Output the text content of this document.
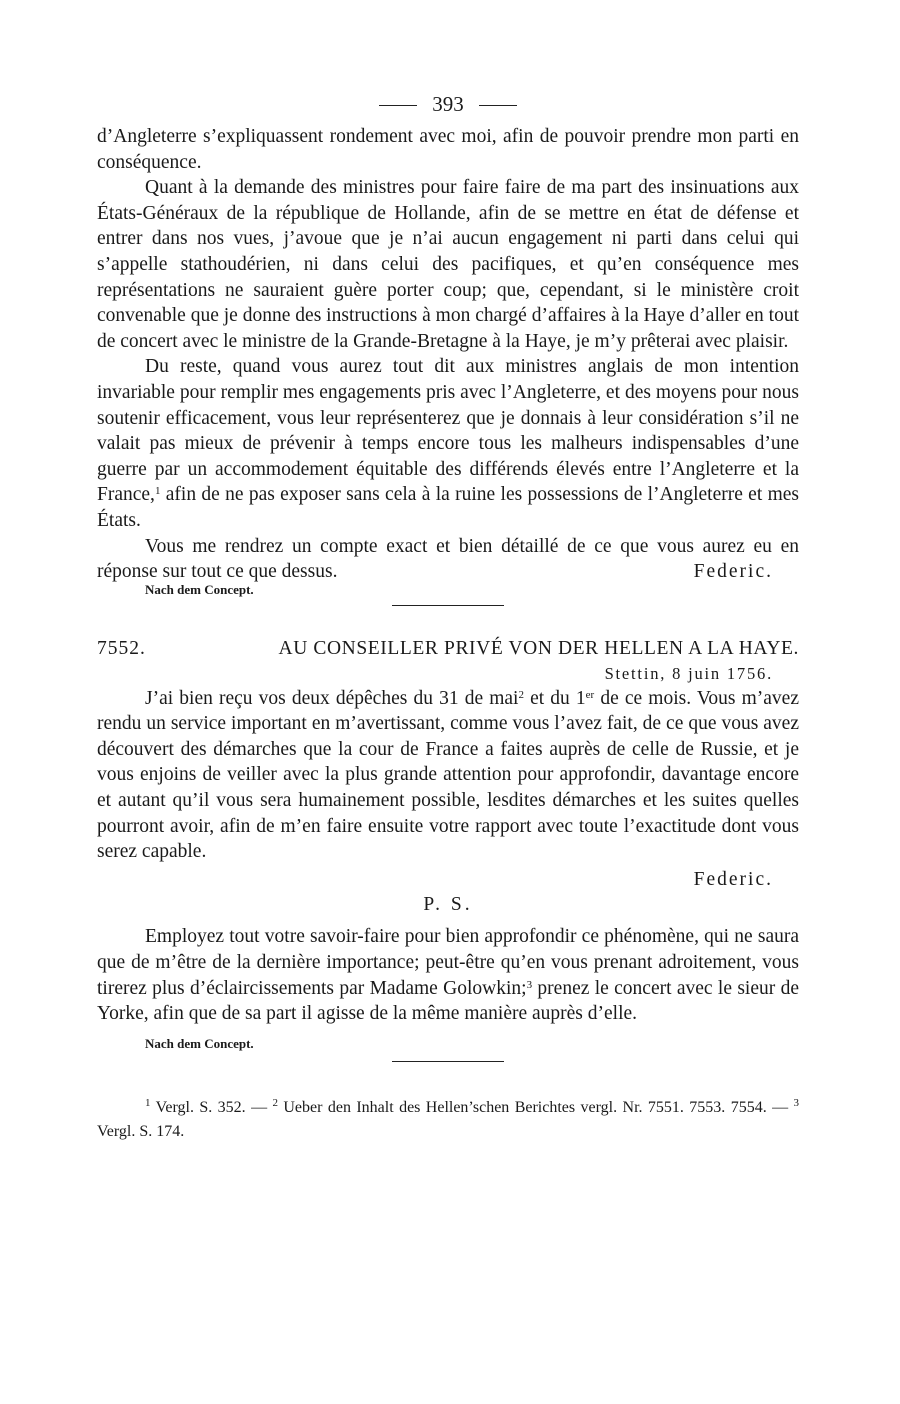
393

d’Angleterre s’expliquassent rondement avec moi, afin de pouvoir prendre mon parti en conséquence.

Quant à la demande des ministres pour faire faire de ma part des insinuations aux États-Généraux de la république de Hollande, afin de se mettre en état de défense et entrer dans nos vues, j’avoue que je n’ai aucun engagement ni parti dans celui qui s’appelle stathoudérien, ni dans celui des pacifiques, et qu’en conséquence mes représentations ne sauraient guère porter coup; que, cependant, si le ministère croit convenable que je donne des instructions à mon chargé d’affaires à la Haye d’aller en tout de concert avec le ministre de la Grande-Bretagne à la Haye, je m’y prêterai avec plaisir.

Du reste, quand vous aurez tout dit aux ministres anglais de mon intention invariable pour remplir mes engagements pris avec l’Angleterre, et des moyens pour nous soutenir efficacement, vous leur représenterez que je donnais à leur considération s’il ne valait pas mieux de prévenir à temps encore tous les malheurs indispensables d’une guerre par un accommodement équitable des différends élevés entre l’Angleterre et la France,$^1$ afin de ne pas exposer sans cela à la ruine les possessions de l’Angleterre et mes États.

Vous me rendrez un compte exact et bien détaillé de ce que vous aurez eu en réponse sur tout ce que dessus.

Nach dem Concept.
Federic.
7552.	AU CONSEILLER PRIVÉ VON DER HELLEN A LA HAYE.
Stettin, 8 juin 1756.

J’ai bien reçu vos deux dépêches du 31 de mai$^2$ et du 1er de ce mois. Vous m’avez rendu un service important en m’avertissant, comme vous l’avez fait, de ce que vous avez découvert des démarches que la cour de France a faites auprès de celle de Russie, et je vous enjoins de veiller avec la plus grande attention pour approfondir, davantage encore et autant qu’il vous sera humainement possible, lesdites démarches et les suites quelles pourront avoir, afin de m’en faire ensuite votre rapport avec toute l’exactitude dont vous serez capable.

Federic.
P. S.

Employez tout votre savoir-faire pour bien approfondir ce phénomène, qui ne saura que de m’être de la dernière importance; peut-être qu’en vous prenant adroitement, vous tirerez plus d’éclaircissements par Madame Golowkin;$^3$ prenez le concert avec le sieur de Yorke, afin que de sa part il agisse de la même manière auprès d’elle.

Nach dem Concept.
$^1$ Vergl. S. 352. — $^2$ Ueber den Inhalt des Hellen’schen Berichtes vergl. Nr. 7551. 7553. 7554. — $^3$ Vergl. S. 174.
